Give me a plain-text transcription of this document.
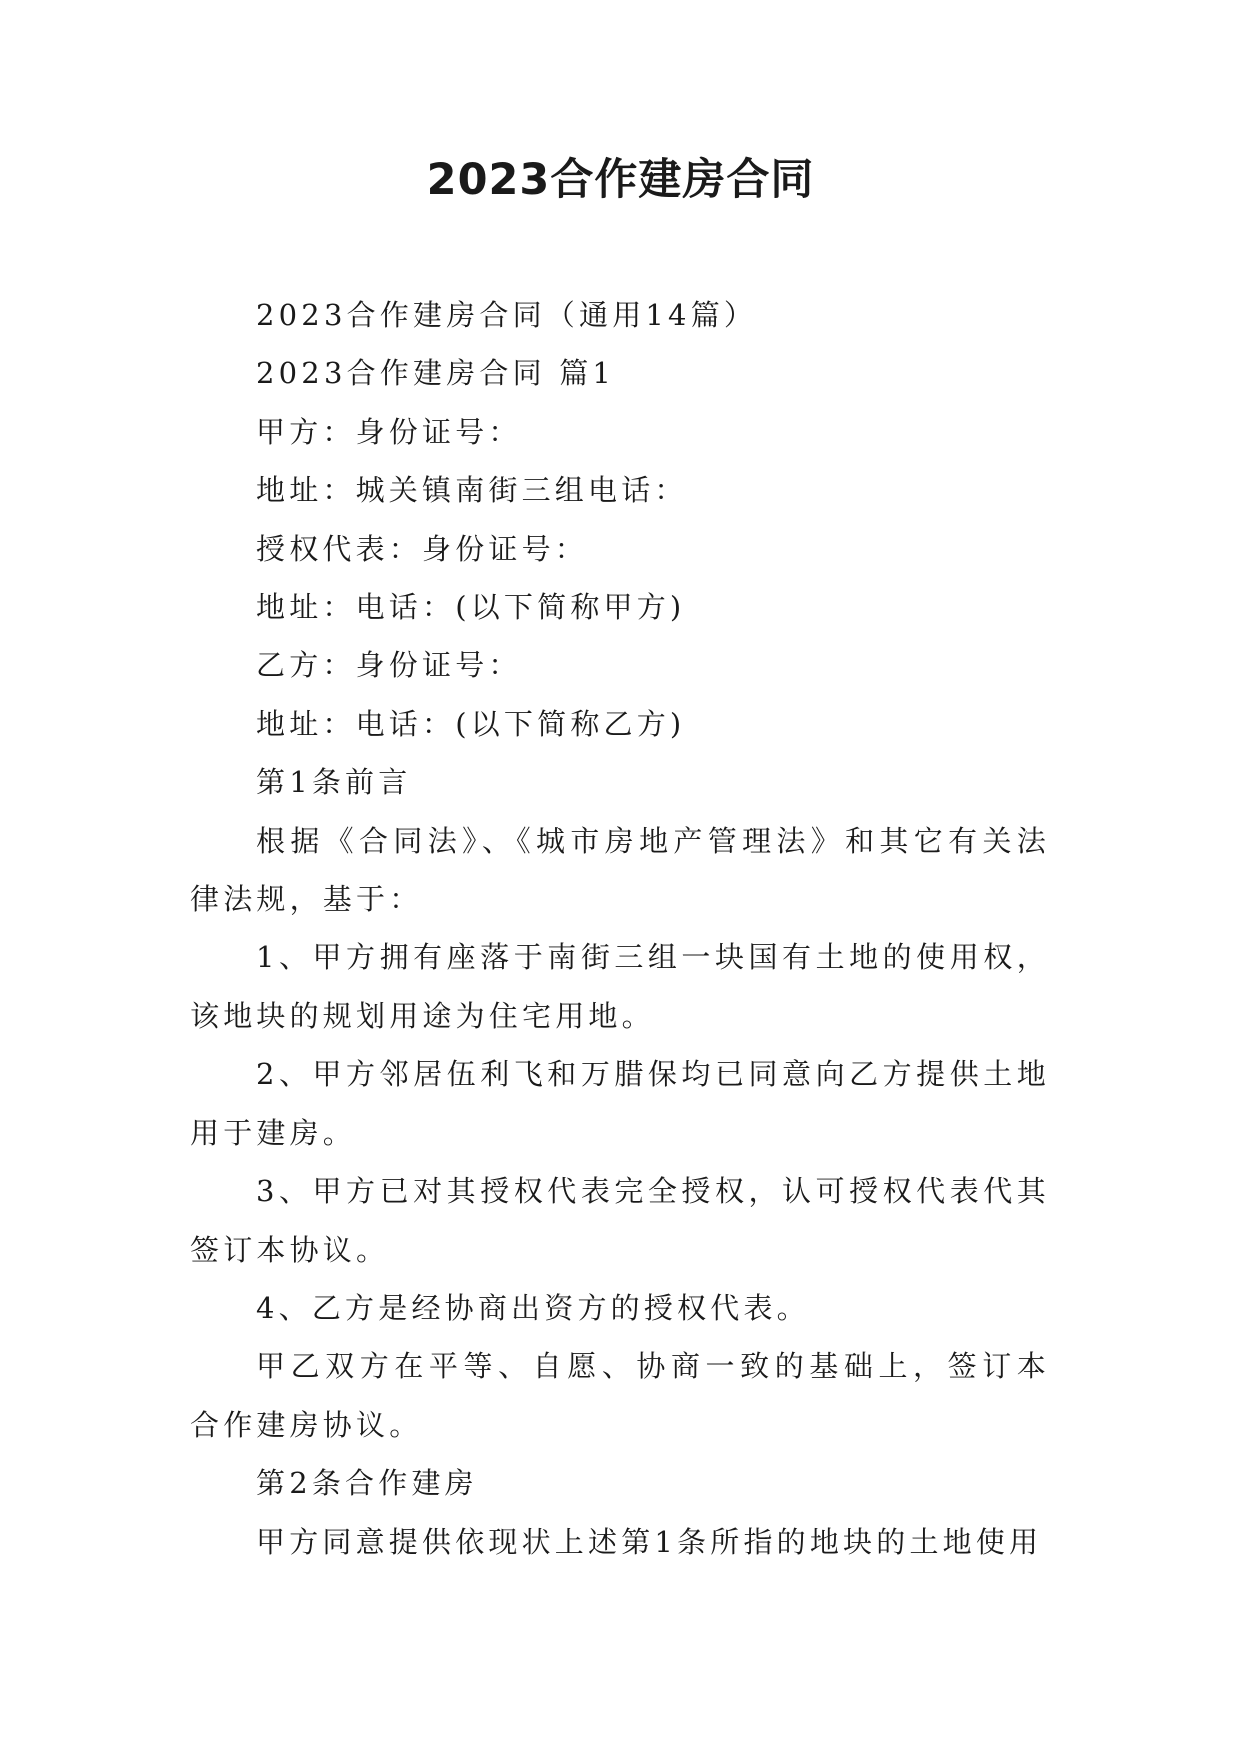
2023合作建房合同

2023合作建房合同（通用14篇）

2023合作建房合同 篇1

甲方：身份证号：

地址：城关镇南街三组电话：

授权代表：身份证号：

地址：电话：(以下简称甲方)

乙方：身份证号：

地址：电话：(以下简称乙方)

第1条前言

根据《合同法》、《城市房地产管理法》和其它有关法律法规，基于：

1、甲方拥有座落于南街三组一块国有土地的使用权，该地块的规划用途为住宅用地。

2、甲方邻居伍利飞和万腊保均已同意向乙方提供土地用于建房。

3、甲方已对其授权代表完全授权，认可授权代表代其签订本协议。

4、乙方是经协商出资方的授权代表。

甲乙双方在平等、自愿、协商一致的基础上，签订本合作建房协议。

第2条合作建房

甲方同意提供依现状上述第1条所指的地块的土地使用
